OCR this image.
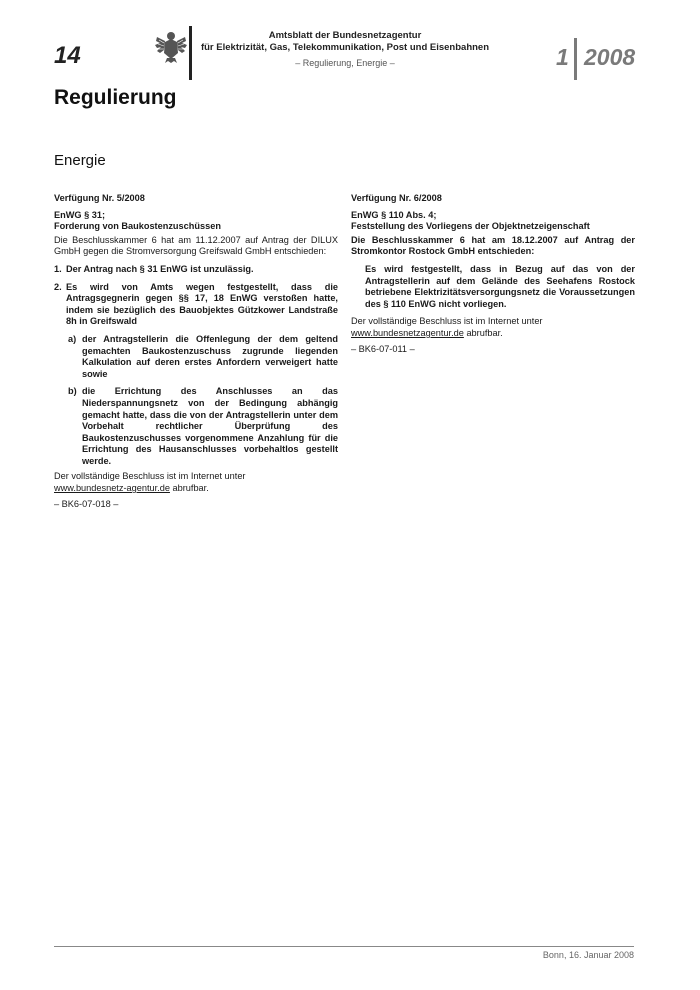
14
Amtsblatt der Bundesnetzagentur
für Elektrizität, Gas, Telekommunikation, Post und Eisenbahnen
– Regulierung, Energie –	1 2008
Regulierung
Energie

Verfügung Nr. 5/2008

EnWG § 31;
Forderung von Baukostenzuschüssen

Die Beschlusskammer 6 hat am 11.12.2007 auf Antrag der DILUX GmbH gegen die Stromversorgung Greifswald GmbH entschieden:

1. Der Antrag nach § 31 EnWG ist unzulässig.
2. Es wird von Amts wegen festgestellt, dass die Antragsgegnerin gegen §§ 17, 18 EnWG verstoßen hatte, indem sie bezüglich des Bauobjektes Gützkower Landstraße 8h in Greifswald
a) der Antragstellerin die Offenlegung der dem geltend gemachten Baukostenzuschuss zugrunde liegenden Kalkulation auf deren erstes Anfordern verweigert hatte sowie
b) die Errichtung des Anschlusses an das Niederspannungsnetz von der Bedingung abhängig gemacht hatte, dass die von der Antragstellerin unter dem Vorbehalt rechtlicher Überprüfung des Baukostenzuschusses vorgenommene Anzahlung für die Errichtung des Hausanschlusses vorbehaltlos gestellt werde.

Der vollständige Beschluss ist im Internet unter
www.bundesnetz-agentur.de abrufbar.

– BK6-07-018 –

Verfügung Nr. 6/2008

EnWG § 110 Abs. 4;
Feststellung des Vorliegens der Objektnetzeigenschaft

Die Beschlusskammer 6 hat am 18.12.2007 auf Antrag der Stromkontor Rostock GmbH entschieden:

Es wird festgestellt, dass in Bezug auf das von der Antragstellerin auf dem Gelände des Seehafens Rostock betriebene Elektrizitätsversorgungsnetz die Voraussetzungen des § 110 EnWG nicht vorliegen.

Der vollständige Beschluss ist im Internet unter
www.bundesnetzagentur.de abrufbar.

– BK6-07-011 –

Bonn, 16. Januar 2008
